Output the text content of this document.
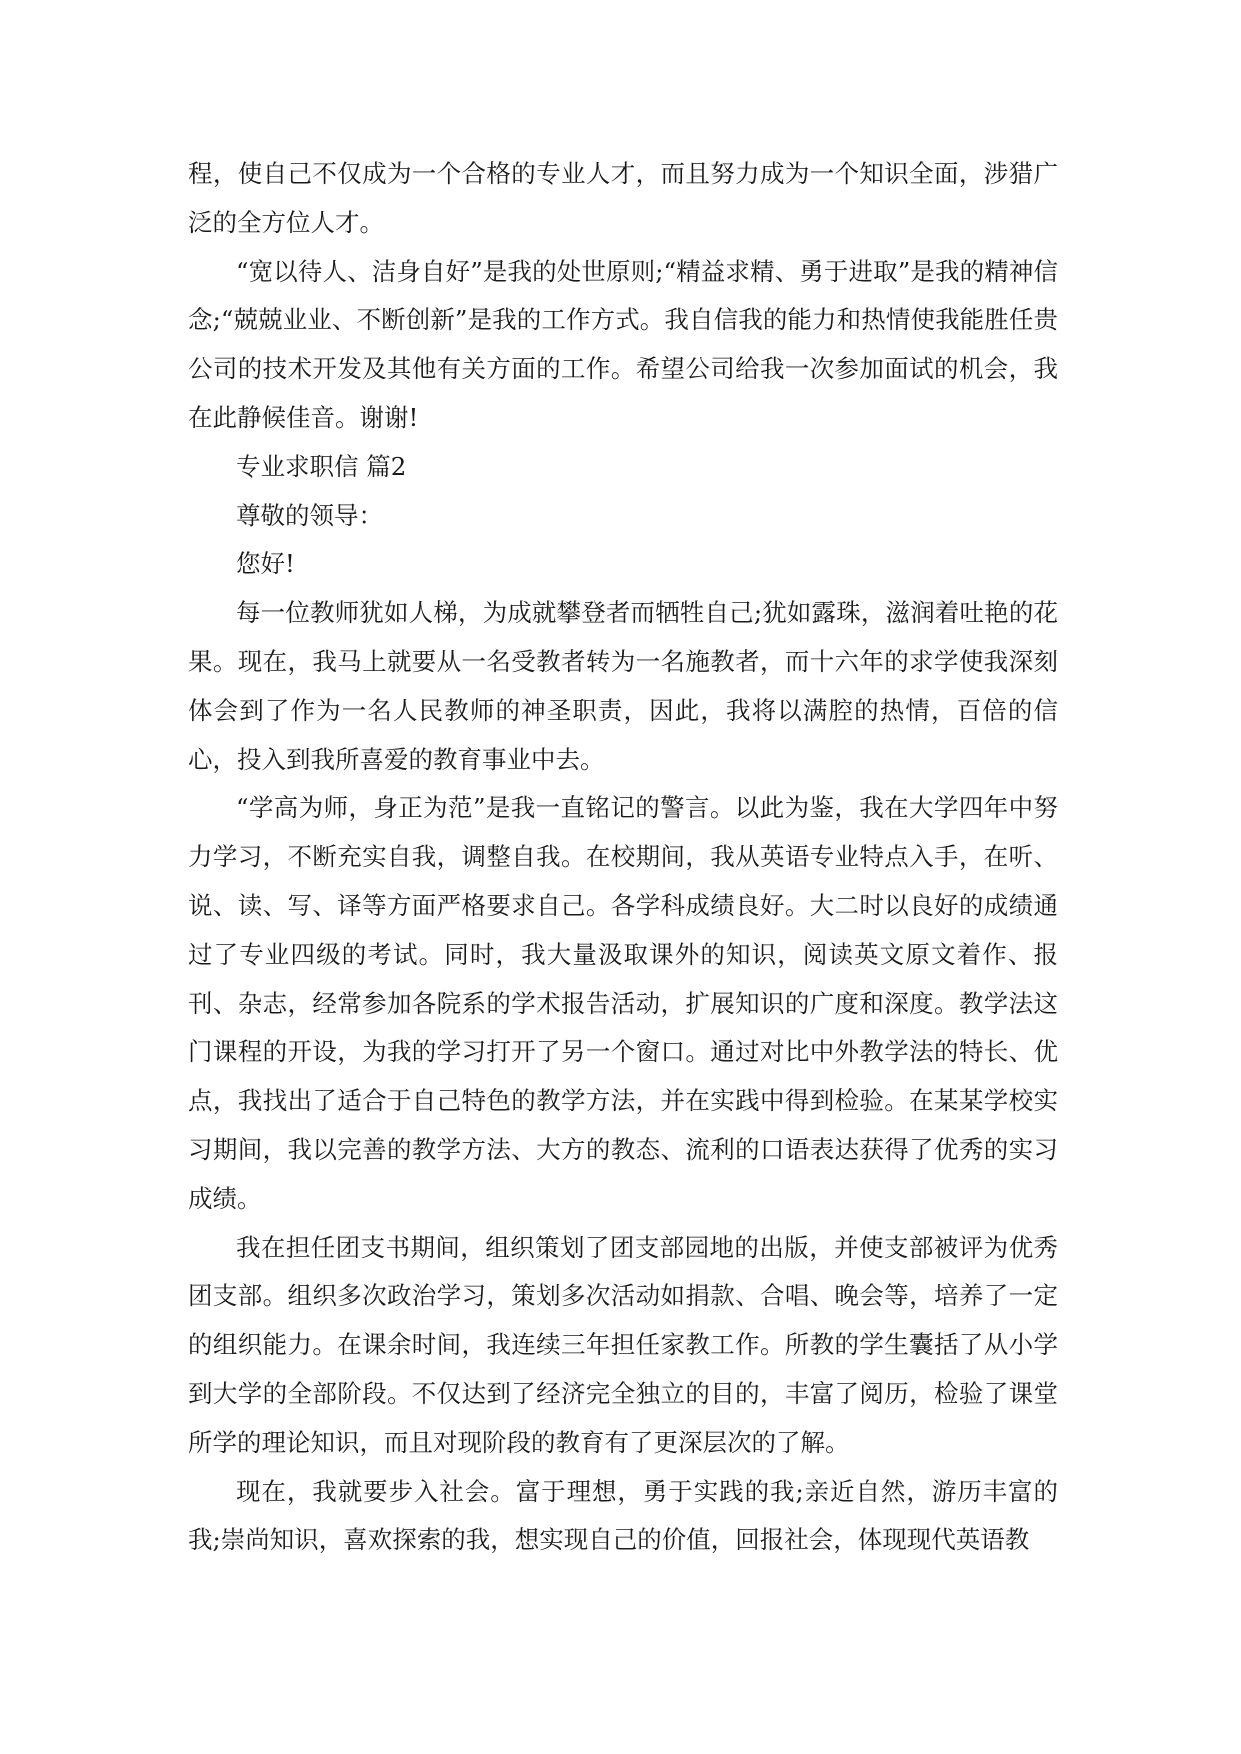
程，使自己不仅成为一个合格的专业人才，而且努力成为一个知识全面，涉猎广泛的全方位人才。

“宽以待人、洁身自好”是我的处世原则;“精益求精、勇于进取”是我的精神信念;“兢兢业业、不断创新”是我的工作方式。我自信我的能力和热情使我能胜任贵公司的技术开发及其他有关方面的工作。希望公司给我一次参加面试的机会，我在此静候佳音。谢谢!

专业求职信 篇2

尊敬的领导：

您好!

每一位教师犹如人梯，为成就攀登者而牺牲自己;犹如露珠，滋润着吐艳的花果。现在，我马上就要从一名受教者转为一名施教者，而十六年的求学使我深刻体会到了作为一名人民教师的神圣职责，因此，我将以满腔的热情，百倍的信心，投入到我所喜爱的教育事业中去。

“学高为师，身正为范”是我一直铭记的警言。以此为鉴，我在大学四年中努力学习，不断充实自我，调整自我。在校期间，我从英语专业特点入手，在听、说、读、写、译等方面严格要求自己。各学科成绩良好。大二时以良好的成绩通过了专业四级的考试。同时，我大量汲取课外的知识，阅读英文原文着作、报刊、杂志，经常参加各院系的学术报告活动，扩展知识的广度和深度。教学法这门课程的开设，为我的学习打开了另一个窗口。通过对比中外教学法的特长、优点，我找出了适合于自己特色的教学方法，并在实践中得到检验。在某某学校实习期间，我以完善的教学方法、大方的教态、流利的口语表达获得了优秀的实习成绩。

我在担任团支书期间，组织策划了团支部园地的出版，并使支部被评为优秀团支部。组织多次政治学习，策划多次活动如捐款、合唱、晚会等，培养了一定的组织能力。在课余时间，我连续三年担任家教工作。所教的学生囊括了从小学到大学的全部阶段。不仅达到了经济完全独立的目的，丰富了阅历，检验了课堂所学的理论知识，而且对现阶段的教育有了更深层次的了解。

现在，我就要步入社会。富于理想，勇于实践的我;亲近自然，游历丰富的我;崇尚知识，喜欢探索的我，想实现自己的价值，回报社会，体现现代英语教
